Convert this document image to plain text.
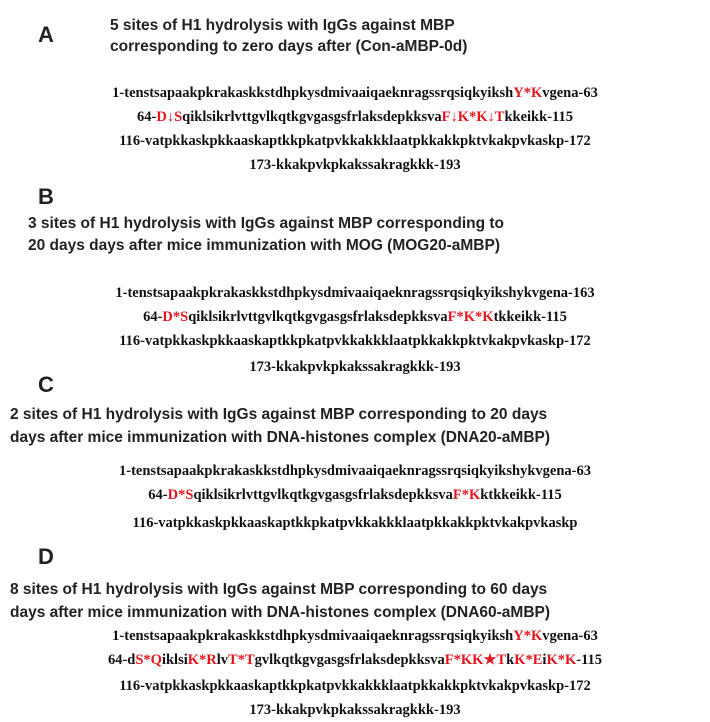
A	5 sites of H1 hydrolysis with IgGs against MBP
corresponding to zero days after (Con-aMBP-0d)
1-tenstsapaakpkrakaskkstdhpkysdmivaaiqaeknragssrqsiqkyikshY*Kvgena-63
64-D↓SqiklsikrlvttgvlkqtkgvgasgsfrlaksdepkksvaF↓K*K↓Tkkeikk-115
116-vatpkkaskpkkaaskaptkkpkatpvkkakkklaatpkkakkpktvkakpvkaskp-172
173-kkakpvkpkakssakragkkk-193
B
3 sites of H1 hydrolysis with IgGs against MBP corresponding to
20 days days after mice immunization with MOG (MOG20-aMBP)
1-tenstsapaakpkrakaskkstdhpkysdmivaaiqaeknragssrqsiqkyikshykvgena-163
64-D*SqiklsikrlvttgvlkqtkgvgasgsfrlaksdepkksvaF*K*Ktkkeikk-115
116-vatpkkaskpkkaaskaptkkpkatpvkkakkklaatpkkakkpktvkakpvkaskp-172
173-kkakpvkpkakssakragkkk-193
C
2 sites of H1 hydrolysis with IgGs against MBP corresponding to 20 days
days after mice immunization with DNA-histones complex (DNA20-aMBP)
1-tenstsapaakpkrakaskkstdhpkysdmivaaiqaeknragssrqsiqkyikshykvgena-63
64-D*SqiklsikrlvttgvlkqtkgvgasgsfrlaksdepkksvaF*Kktkkeikk-115
116-vatpkkaskpkkaaskaptkkpkatpvkkakkklaatpkkakkpktvkakpvkaskp
D
8 sites of H1 hydrolysis with IgGs against MBP corresponding to 60 days
days after mice immunization with DNA-histones complex (DNA60-aMBP)
1-tenstsapaakpkrakaskkstdhpkysdmivaaiqaeknragssrqsiqkyikshY*Kvgena-63
64-dS*QiklsiK*RlvT*TgvlkqtkgvgasgsfrlaksdepkksvaF*KK★TkK*EiK*K-115
116-vatpkkaskpkkaaskaptkkpkatpvkkakkklaatpkkakkpktvkakpvkaskp-172
173-kkakpvkpkakssakragkkk-193
